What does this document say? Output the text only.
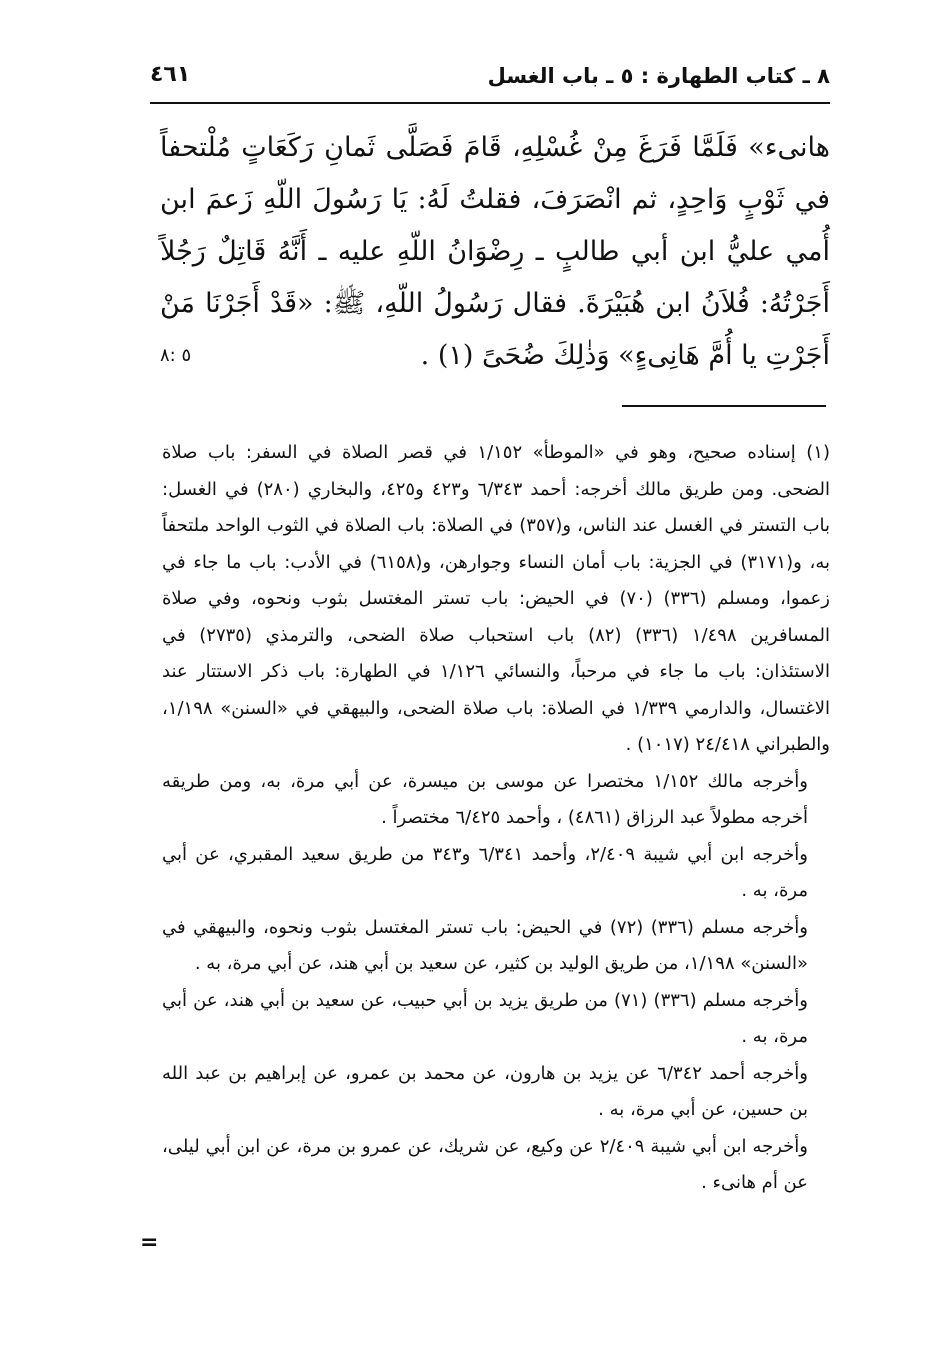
٨ ـ كتاب الطهارة : ٥ ـ باب الغسل
٤٦١

هانىء» فَلَمَّا فَرَغَ مِنْ غُسْلِهِ، قَامَ فَصَلَّى ثَمانِ رَكَعَاتٍ مُلْتحفاً في ثَوْبٍ وَاحِدٍ، ثم انْصَرَفَ، فقلتُ لَهُ: يَا رَسُولَ اللّهِ زَعمَ ابن أُمي عليُّ ابن أبي طالبٍ ـ رِضْوَانُ اللّهِ عليه ـ أَنَّهُ قَاتِلٌ رَجُلاً أَجَرْتُهُ: فُلاَنُ ابن هُبَيْرَةَ. فقال رَسُولُ اللّهِ، ﷺ: «قَدْ أَجَرْنَا مَنْ أَجَرْتِ يا أُمَّ هَانِىءٍ» وَذٰلِكَ ضُحَىً (١) .

٥ :٨

(١) إسناده صحيح، وهو في «الموطأ» ١/١٥٢ في قصر الصلاة في السفر: باب صلاة الضحى. ومن طريق مالك أخرجه: أحمد ٦/٣٤٣ و٤٢٣ و٤٢٥، والبخاري (٢٨٠) في الغسل: باب التستر في الغسل عند الناس، و(٣٥٧) في الصلاة: باب الصلاة في الثوب الواحد ملتحفاً به، و(٣١٧١) في الجزية: باب أمان النساء وجوارهن، و(٦١٥٨) في الأدب: باب ما جاء في زعموا، ومسلم (٣٣٦) (٧٠) في الحيض: باب تستر المغتسل بثوب ونحوه، وفي صلاة المسافرين ١/٤٩٨ (٣٣٦) (٨٢) باب استحباب صلاة الضحى، والترمذي (٢٧٣٥) في الاستئذان: باب ما جاء في مرحباً، والنسائي ١/١٢٦ في الطهارة: باب ذكر الاستتار عند الاغتسال، والدارمي ١/٣٣٩ في الصلاة: باب صلاة الضحى، والبيهقي في «السنن» ١/١٩٨، والطبراني ٢٤/٤١٨ (١٠١٧) .

وأخرجه مالك ١/١٥٢ مختصرا عن موسى بن ميسرة، عن أبي مرة، به، ومن طريقه أخرجه مطولاً عبد الرزاق (٤٨٦١) ، وأحمد ٦/٤٢٥ مختصراً .

وأخرجه ابن أبي شيبة ٢/٤٠٩، وأحمد ٦/٣٤١ و٣٤٣ من طريق سعيد المقبري، عن أبي مرة، به .

وأخرجه مسلم (٣٣٦) (٧٢) في الحيض: باب تستر المغتسل بثوب ونحوه، والبيهقي في «السنن» ١/١٩٨، من طريق الوليد بن كثير، عن سعيد بن أبي هند، عن أبي مرة، به .

وأخرجه مسلم (٣٣٦) (٧١) من طريق يزيد بن أبي حبيب، عن سعيد بن أبي هند، عن أبي مرة، به .

وأخرجه أحمد ٦/٣٤٢ عن يزيد بن هارون، عن محمد بن عمرو، عن إبراهيم بن عبد الله بن حسين، عن أبي مرة، به .

وأخرجه ابن أبي شيبة ٢/٤٠٩ عن وكيع، عن شريك، عن عمرو بن مرة، عن ابن أبي ليلى، عن أم هانىء .

=
